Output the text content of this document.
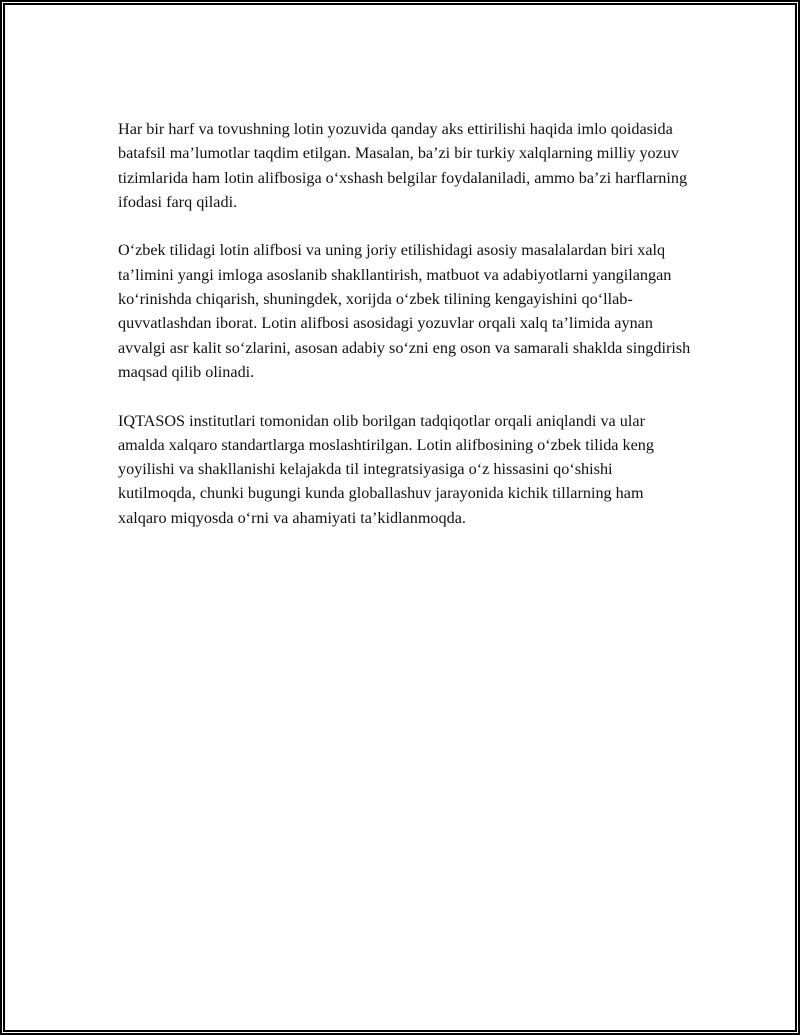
Har bir harf va tovushning lotin yozuvida qanday aks ettirilishi haqida imlo qoidasida batafsil ma’lumotlar taqdim etilgan. Masalan, ba’zi bir turkiy xalqlarning milliy yozuv tizimlarida ham lotin alifbosiga o‘xshash belgilar foydalaniladi, ammo ba’zi harflarning ifodasi farq qiladi.

O‘zbek tilidagi lotin alifbosi va uning joriy etilishidagi asosiy masalalardan biri xalq ta’limini yangi imloga asoslanib shakllantirish, matbuot va adabiyotlarni yangilangan ko‘rinishda chiqarish, shuningdek, xorijda o‘zbek tilining kengayishini qo‘llab-quvvatlashdan iborat. Lotin alifbosi asosidagi yozuvlar orqali xalq ta’limida aynan avvalgi asr kalit so‘zlarini, asosan adabiy so‘zni eng oson va samarali shaklda singdirish maqsad qilib olinadi.

IQTASOS institutlari tomonidan olib borilgan tadqiqotlar orqali aniqlandi va ular amalda xalqaro standartlarga moslashtirilgan. Lotin alifbosining o‘zbek tilida keng yoyilishi va shakllanishi kelajakda til integratsiyasiga o‘z hissasini qo‘shishi kutilmoqda, chunki bugungi kunda globallashuv jarayonida kichik tillarning ham xalqaro miqyosda o‘rni va ahamiyati ta’kidlanmoqda.
